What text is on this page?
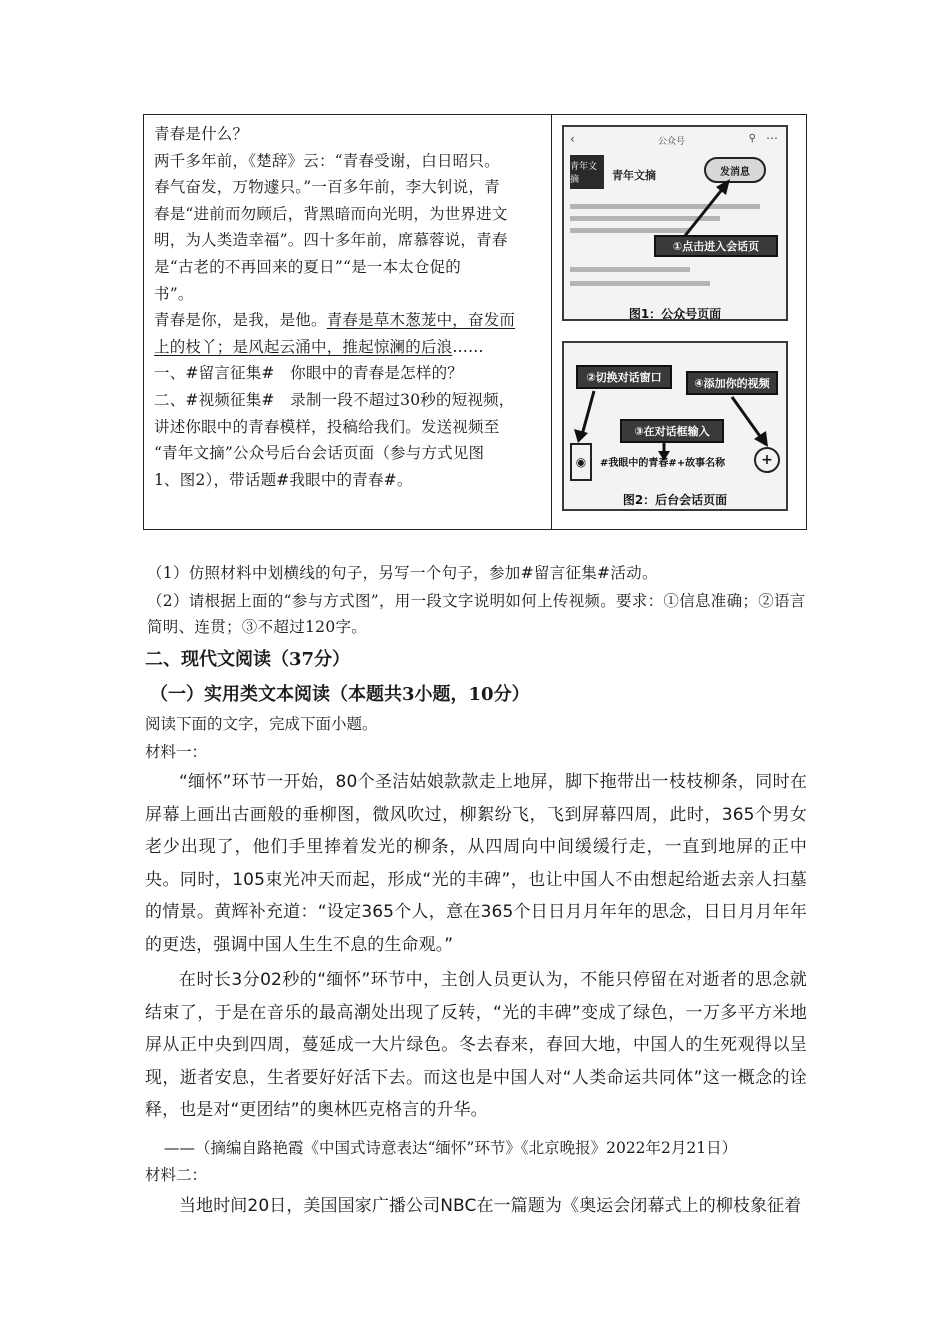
青春是什么？

两千多年前，《楚辞》云：“青春受谢，白日昭只。

春气奋发，万物遽只。”一百多年前，李大钊说，青

春是“进前而勿顾后，背黑暗而向光明，为世界进文

明，为人类造幸福”。四十多年前，席慕蓉说，青春

是“古老的不再回来的夏日”“是一本太仓促的

书”。

青春是你，是我，是他。青春是草木葱茏中，奋发而

上的枝丫；是风起云涌中，推起惊澜的后浪……

一、#留言征集#　你眼中的青春是怎样的？

二、#视频征集#　录制一段不超过30秒的短视频，

讲述你眼中的青春模样，投稿给我们。发送视频至

“青年文摘”公众号后台会话页面（参与方式见图

1、图2），带话题#我眼中的青春#。

‹	公众号	⚲ ⋯
青年文摘	青年文摘	发消息
①点击进入会话页
图1：公众号页面
②切换对话窗口	④添加你的视频
③在对话框输入
◉	#我眼中的青春#+故事名称	+
图2：后台会话页面
（1）仿照材料中划横线的句子，另写一个句子，参加#留言征集#活动。
（2）请根据上面的“参与方式图”，用一段文字说明如何上传视频。要求：①信息准确；②语言简明、连贯；③不超过120字。
二、现代文阅读（37分）
（一）实用类文本阅读（本题共3小题，10分）
阅读下面的文字，完成下面小题。
材料一：
“缅怀”环节一开始，80个圣洁姑娘款款走上地屏，脚下拖带出一枝枝柳条，同时在屏幕上画出古画般的垂柳图，微风吹过，柳絮纷飞，飞到屏幕四周，此时，365个男女老少出现了，他们手里捧着发光的柳条，从四周向中间缓缓行走，一直到地屏的正中央。同时，105束光冲天而起，形成“光的丰碑”，也让中国人不由想起给逝去亲人扫墓的情景。黄辉补充道：“设定365个人，意在365个日日月月年年的思念，日日月月年年的更迭，强调中国人生生不息的生命观。”
在时长3分02秒的“缅怀”环节中，主创人员更认为，不能只停留在对逝者的思念就结束了，于是在音乐的最高潮处出现了反转，“光的丰碑”变成了绿色，一万多平方米地屏从正中央到四周，蔓延成一大片绿色。冬去春来，春回大地，中国人的生死观得以呈现，逝者安息，生者要好好活下去。而这也是中国人对“人类命运共同体”这一概念的诠释，也是对“更团结”的奥林匹克格言的升华。
——（摘编自路艳霞《中国式诗意表达“缅怀”环节》《北京晚报》2022年2月21日）
材料二：
当地时间20日，美国国家广播公司NBC在一篇题为《奥运会闭幕式上的柳枝象征着
